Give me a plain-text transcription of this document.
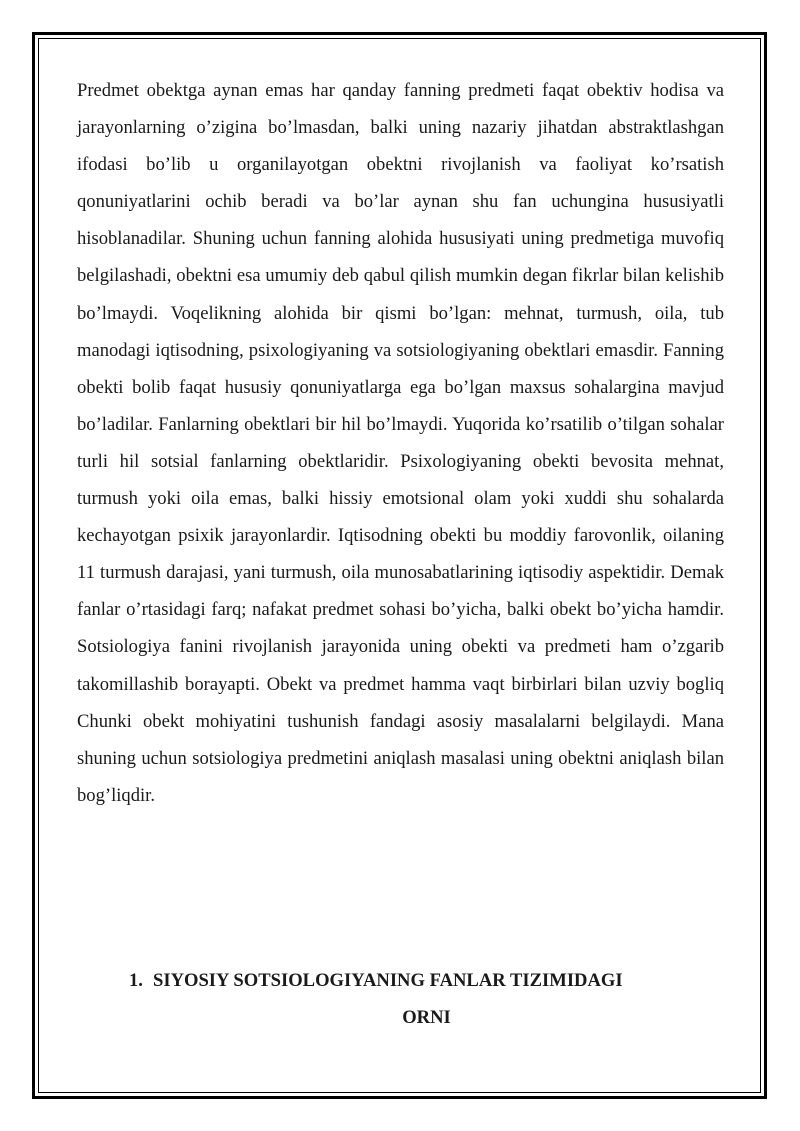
Predmet obektga aynan emas har qanday fanning predmeti faqat obektiv hodisa va jarayonlarning o’zigina bo’lmasdan, balki uning nazariy jihatdan abstraktlashgan ifodasi bo’lib u organilayotgan obektni rivojlanish va faoliyat ko’rsatish qonuniyatlarini ochib beradi va bo’lar aynan shu fan uchungina hususiyatli hisoblanadilar. Shuning uchun fanning alohida hususiyati uning predmetiga muvofiq belgilashadi, obektni esa umumiy deb qabul qilish mumkin degan fikrlar bilan kelishib bo’lmaydi. Voqelikning alohida bir qismi bo’lgan: mehnat, turmush, oila, tub manodagi iqtisodning, psixologiyaning va sotsiologiyaning obektlari emasdir. Fanning obekti bolib faqat hususiy qonuniyatlarga ega bo’lgan maxsus sohalargina mavjud bo’ladilar. Fanlarning obektlari bir hil bo’lmaydi. Yuqorida ko’rsatilib o’tilgan sohalar turli hil sotsial fanlarning obektlaridir. Psixologiyaning obekti bevosita mehnat, turmush yoki oila emas, balki hissiy emotsional olam yoki xuddi shu sohalarda kechayotgan psixik jarayonlardir. Iqtisodning obekti bu moddiy farovonlik, oilaning 11 turmush darajasi, yani turmush, oila munosabatlarining iqtisodiy aspektidir. Demak fanlar o’rtasidagi farq; nafakat predmet sohasi bo’yicha, balki obekt bo’yicha hamdir. Sotsiologiya fanini rivojlanish jarayonida uning obekti va predmeti ham o’zgarib takomillashib borayapti. Obekt va predmet hamma vaqt birbirlari bilan uzviy bogliq Chunki obekt mohiyatini tushunish fandagi asosiy masalalarni belgilaydi. Mana shuning uchun sotsiologiya predmetini aniqlash masalasi uning obektni aniqlash bilan bog’liqdir.

1. SIYOSIY SOTSIOLOGIYANING FANLAR TIZIMIDAGI
ORNI
